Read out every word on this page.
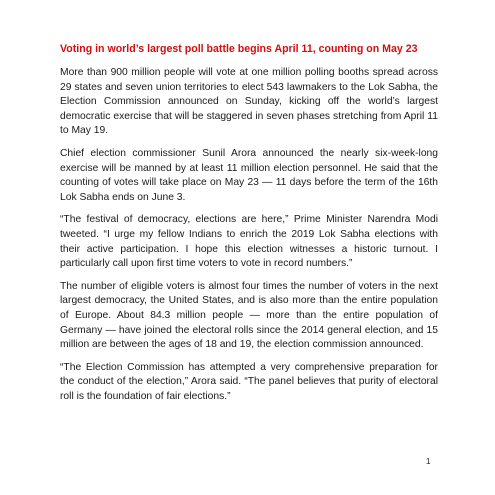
Voting in world’s largest poll battle begins April 11, counting on May 23

More than 900 million people will vote at one million polling booths spread across 29 states and seven union territories to elect 543 lawmakers to the Lok Sabha, the Election Commission announced on Sunday, kicking off the world’s largest democratic exercise that will be staggered in seven phases stretching from April 11 to May 19.

Chief election commissioner Sunil Arora announced the nearly six-week-long exercise will be manned by at least 11 million election personnel. He said that the counting of votes will take place on May 23 — 11 days before the term of the 16th Lok Sabha ends on June 3.

“The festival of democracy, elections are here,” Prime Minister Narendra Modi tweeted. “I urge my fellow Indians to enrich the 2019 Lok Sabha elections with their active participation. I hope this election witnesses a historic turnout. I particularly call upon first time voters to vote in record numbers.”

The number of eligible voters is almost four times the number of voters in the next largest democracy, the United States, and is also more than the entire population of Europe. About 84.3 million people — more than the entire population of Germany — have joined the electoral rolls since the 2014 general election, and 15 million are between the ages of 18 and 19, the election commission announced.

“The Election Commission has attempted a very comprehensive preparation for the conduct of the election,” Arora said. “The panel believes that purity of electoral roll is the foundation of fair elections.”

1
